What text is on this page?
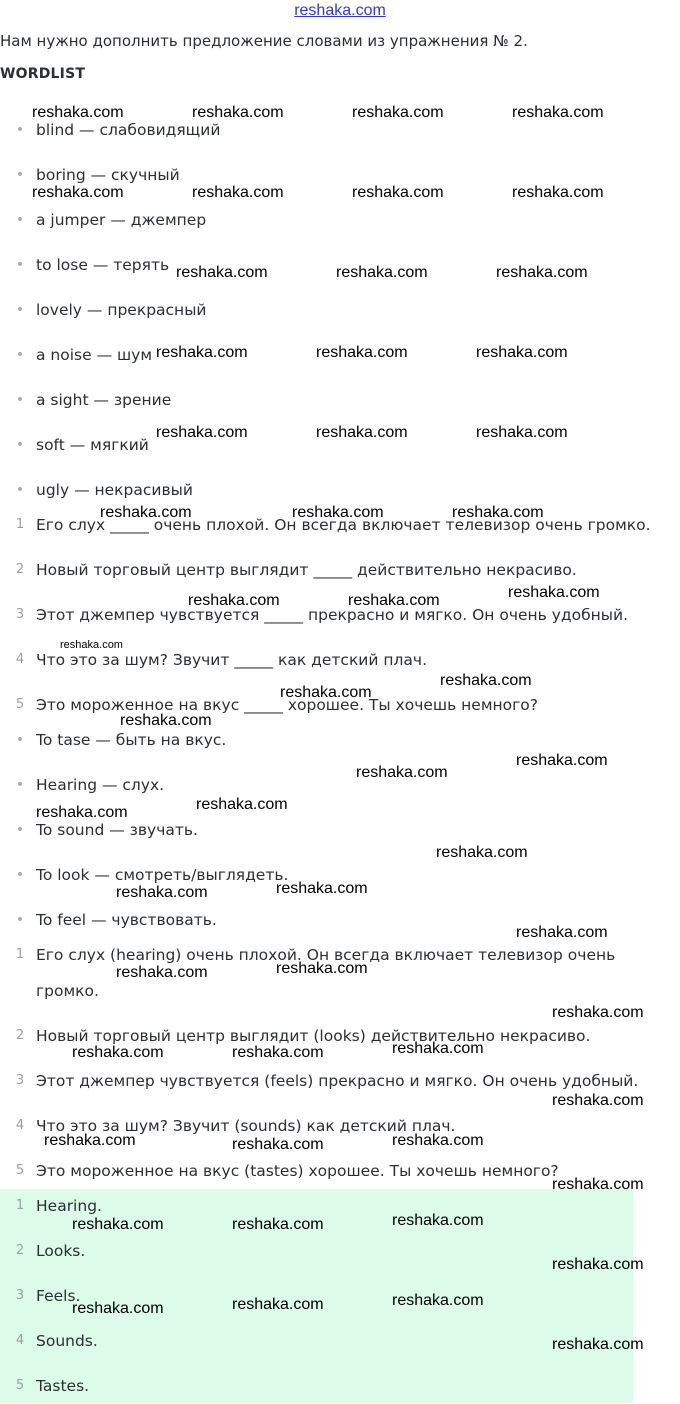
reshaka.com
Нам нужно дополнить предложение словами из упражнения № 2.
WORDLIST
• blind — слабовидящий
• boring — скучный
• a jumper — джемпер
• to lose — терять
• lovely — прекрасный
• a noise — шум
• a sight — зрение
• soft — мягкий
• ugly — некрасивый
1 Его слух _____ очень плохой. Он всегда включает телевизор очень громко.
2 Новый торговый центр выглядит _____ действительно некрасиво.
3 Этот джемпер чувствуется _____ прекрасно и мягко. Он очень удобный.
4 Что это за шум? Звучит _____ как детский плач.
5 Это мороженное на вкус _____ хорошее. Ты хочешь немного?
• To tase — быть на вкус.
• Hearing — слух.
• To sound — звучать.
• To look — смотреть/выглядеть.
• To feel — чувствовать.
1 Его слух (hearing) очень плохой. Он всегда включает телевизор очень громко.
2 Новый торговый центр выглядит (looks) действительно некрасиво.
3 Этот джемпер чувствуется (feels) прекрасно и мягко. Он очень удобный.
4 Что это за шум? Звучит (sounds) как детский плач.
5 Это мороженное на вкус (tastes) хорошее. Ты хочешь немного?
1 Hearing.
2 Looks.
3 Feels.
4 Sounds.
5 Tastes.
reshaka.com	reshaka.com	reshaka.com	reshaka.com
reshaka.com	reshaka.com	reshaka.com	reshaka.com
reshaka.com	reshaka.com	reshaka.com
reshaka.com	reshaka.com	reshaka.com
reshaka.com	reshaka.com	reshaka.com
reshaka.com	reshaka.com	reshaka.com
reshaka.com	reshaka.com	reshaka.com
reshaka.com
reshaka.com
reshaka.com
reshaka.com
reshaka.com
reshaka.com
reshaka.com
reshaka.com
reshaka.com
reshaka.com
reshaka.com
reshaka.com
reshaka.com
reshaka.com
reshaka.com
reshaka.com
reshaka.com	reshaka.com
reshaka.com
reshaka.com	reshaka.com
reshaka.com
reshaka.com
reshaka.com
reshaka.com	reshaka.com
reshaka.com
reshaka.com
reshaka.com
reshaka.com
reshaka.com
